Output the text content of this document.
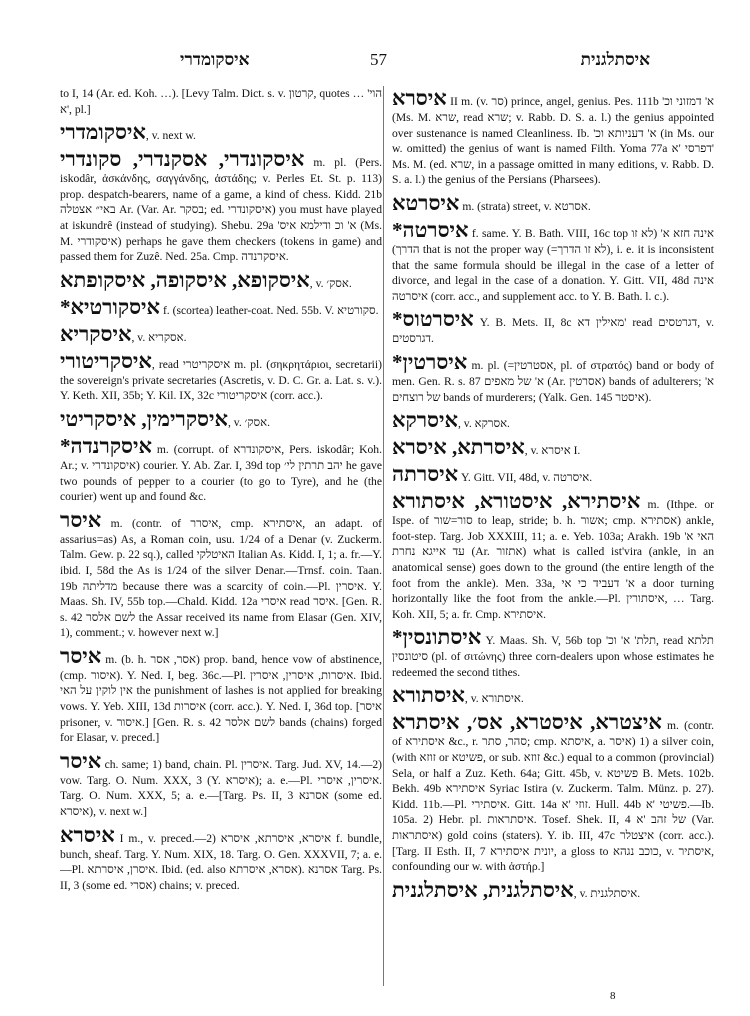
איסקומדרי	57	איסתלגנית

to I, 14 (Ar. ed. Koh. …). [Levy Talm. Dict. s. v. קרטון, quotes … 'הוי א', pl.]

איסקומדרי, v. next w.

איסקונדרי, אסקנדרי, סקונדרי m. pl. (Pers. iskodâr, ἀσκάνδης, σαγγάνδης, ἀστάδης; v. Perles Et. St. p. 113) prop. despatch-bearers, name of a game, a kind of chess. Kidd. 21b באי״ אצטלה Ar. (Var. Ar. בסקר; ed. איסקונדרי) you must have played at iskundrê (instead of studying). Shebu. 29a 'א' וכ ודילמא איס (Ms. M. איסקודרי) perhaps he gave them checkers (tokens in game) and passed them for Zuzê. Ned. 25a. Cmp. איסקרנדה.

איסקופא, איסקופה, איסקופתא, v. אסק׳.

איסקורטיא* f. (scortea) leather-coat. Ned. 55b. V. סקורטיא.

איסקריא, v. אסקריא.

איסקריטורי, read איסקריטרי m. pl. (σηκρητάριοι, secretarii) the sovereign's private secretaries (Ascretis, v. D. C. Gr. a. Lat. s. v.). Y. Keth. XII, 35b; Y. Kil. IX, 32c איסקריטורי (corr. acc.).

איסקרימין, איסקריטי, v. אסק׳.

איסקרנדה* m. (corrupt. of איסקונדרא, Pers. iskodâr; Koh. Ar.; v. איסקונדרי) courier. Y. Ab. Zar. I, 39d top יהב תרתין לי׳ he gave two pounds of pepper to a courier (to go to Tyre), and he (the courier) went up and found &c.

איסר m. (contr. of איסרר, cmp. איסתירא, an adapt. of assarius=as) As, a Roman coin, usu. 1/24 of a Denar (v. Zuckerm. Talm. Gew. p. 22 sq.), called האיטלקי Italian As. Kidd. I, 1; a. fr.—Y. ibid. I, 58d the As is 1/24 of the silver Denar.—Trnsf. coin. Taan. 19b מדליתה because there was a scarcity of coin.—Pl. איסרין. Y. Maas. Sh. IV, 55b top.—Chald. Kidd. 12a איסרי read איסר. [Gen. R. s. 42 לשם אלסר the Assar received its name from Elasar (Gen. XIV, 1), comment.; v. however next w.]

איסר m. (b. h. אסר, אסר) prop. band, hence vow of abstinence, (cmp. איסור). Y. Ned. I, beg. 36c.—Pl. איסרות, איסרין, איסרין. Ibid. אין לוקין על האי the punishment of lashes is not applied for breaking vows. Y. Yeb. XIII, 13d איסרות (corr. acc.). Y. Ned. I, 36d top. [איסר prisoner, v. איסור.] [Gen. R. s. 42 לשם אלסר bands (chains) forged for Elasar, v. preced.]

איסר ch. same; 1) band, chain. Pl. איסרין. Targ. Jud. XV, 14.—2) vow. Targ. O. Num. XXX, 3 (Y. איסרא); a. e.—Pl. איסרין, איסרי. Targ. O. Num. XXX, 5; a. e.—[Targ. Ps. II, 3 אסרנא (some ed. איסרא), v. next w.]

איסרא I m., v. preced.—2) איסרא, איסרתא, איסרא f. bundle, bunch, sheaf. Targ. Y. Num. XIX, 18. Targ. O. Gen. XXXVII, 7; a. e.—Pl. איסרן, איסרתא. Ibid. (ed. also אסרא, איסרתא). אסרנא Targ. Ps. II, 3 (some ed. אסרי) chains; v. preced.

איסרא II m. (v. סר) prince, angel, genius. Pes. 111b 'א' דמזוני וכ (Ms. M. שרא, read שרא; v. Rabb. D. S. a. l.) the genius appointed over sustenance is named Cleanliness. Ib. 'א' דעניותא וכ (in Ms. our w. omitted) the genius of want is named Filth. Yoma 77a דפרסי 'א' Ms. M. (ed. שרא, in a passage omitted in many editions, v. Rabb. D. S. a. l.) the genius of the Persians (Pharsees).

איסרטא m. (strata) street, v. אסרטא.

איסרטה* f. same. Y. B. Bath. VIII, 16c top אינה חזא א' (לא זו הדרך) that is not the proper way (=לא זו הדרך), i. e. it is inconsistent that the same formula should be illegal in the case of a letter of divorce, and legal in the case of a donation. Y. Gitt. VII, 48d אינה איסרטה (corr. acc., and supplement acc. to Y. B. Bath. l. c.).

איסרטוס* Y. B. Mets. II, 8c מאילין דא' read דגרטסים, v. דגרסטים.

איסרטין* m. pl. (=אסטרטין, pl. of στρατός) band or body of men. Gen. R. s. 87 א' של מאפים (Ar. אסרטין) bands of adulterers; א' של רוצחים bands of murderers; (Yalk. Gen. 145 איסטר).

איסרקא, v. אסרקא.

איסרתא, איסרא, v. איסרא I.

איסרתה Y. Gitt. VII, 48d, v. איסרטה.

איסתירא, איסטורא, איסתורא m. (Ithpe. or Ispe. of סור=שור to leap, stride; b. h. אשור; cmp. אסתירא) ankle, foot-step. Targ. Job XXXIII, 11; a. e. Yeb. 103a; Arakh. 19b האי א' עד אייגא נחרת (Ar. אתזור) what is called ist'vira (ankle, in an anatomical sense) goes down to the ground (the entire length of the foot from the ankle). Men. 33a, א' דעביד כי אי a door turning horizontally like the foot from the ankle.—Pl. איסתורין, … Targ. Koh. XII, 5; a. fr. Cmp. איסתירא.

איסתונסין* Y. Maas. Sh. V, 56b top 'תלת' א' וכ, read תלתא סיטונסין (pl. of σιτώνης) three corn-dealers upon whose estimates he redeemed the second tithes.

איסתורא, v. איסתורא.

איצטרא, איסטרא, אס׳, איסתרא m. (contr. of איסתירא &c., r. סהר, סתר; cmp. איסתא, a. איסר) 1) a silver coin, (with זוזא or פשיטא, or sub. זוזא &c.) equal to a common (provincial) Sela, or half a Zuz. Keth. 64a; Gitt. 45b, v. פשיטא B. Mets. 102b. Bekh. 49b איסתירא Syriac Istira (v. Zuckerm. Talm. Münz. p. 27). Kidd. 11b.—Pl. איסתירי. Gitt. 14a זוזי 'א. Hull. 44b פשיטי 'א.—Ib. 105a. 2) Hebr. pl. איסתראות. Tosef. Shek. II, 4 של זהב 'א (Var. איסתראות) gold coins (staters). Y. ib. III, 47c איצטלר (corr. acc.). [Targ. II Esth. II, 7 יונית איסתירא, a gloss to כוכב נגהא, v. איסתיר, confounding our w. with ἀστήρ.]

איסתלגנית, איסתלגנית, v. איסתלגנית.

8
